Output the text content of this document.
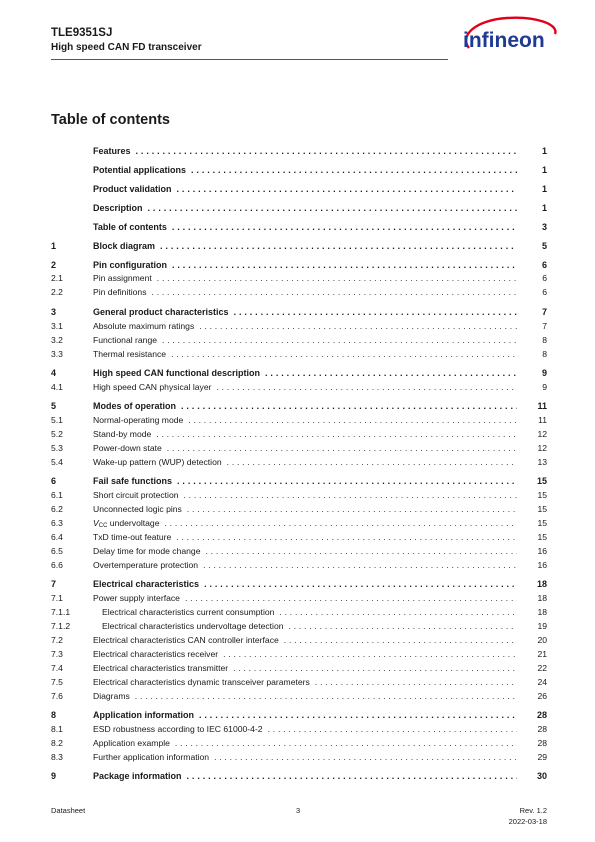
TLE9351SJ
High speed CAN FD transceiver	infineon
Table of contents
Features . . .	1
Potential applications . . .	1
Product validation . . .	1
Description . . .	1
Table of contents . . .	3
1	Block diagram . . .	5
2	Pin configuration . . .	6
2.1	Pin assignment . . .	6
2.2	Pin definitions . . .	6
3	General product characteristics . . .	7
3.1	Absolute maximum ratings . . .	7
3.2	Functional range . . .	8
3.3	Thermal resistance . . .	8
4	High speed CAN functional description . . .	9
4.1	High speed CAN physical layer . . .	9
5	Modes of operation . . .	11
5.1	Normal-operating mode . . .	11
5.2	Stand-by mode . . .	12
5.3	Power-down state . . .	12
5.4	Wake-up pattern (WUP) detection . . .	13
6	Fail safe functions . . .	15
6.1	Short circuit protection . . .	15
6.2	Unconnected logic pins . . .	15
6.3	$V_{CC}$ undervoltage . . .	15
6.4	TxD time-out feature . . .	15
6.5	Delay time for mode change . . .	16
6.6	Overtemperature protection . . .	16
7	Electrical characteristics . . .	18
7.1	Power supply interface . . .	18
7.1.1	Electrical characteristics current consumption . . .	18
7.1.2	Electrical characteristics undervoltage detection . . .	19
7.2	Electrical characteristics CAN controller interface . . .	20
7.3	Electrical characteristics receiver . . .	21
7.4	Electrical characteristics transmitter . . .	22
7.5	Electrical characteristics dynamic transceiver parameters . . .	24
7.6	Diagrams . . .	26
8	Application information . . .	28
8.1	ESD robustness according to IEC 61000-4-2 . . .	28
8.2	Application example . . .	28
8.3	Further application information . . .	29
9	Package information . . .	30
Datasheet	3	Rev. 1.2
2022-03-18
